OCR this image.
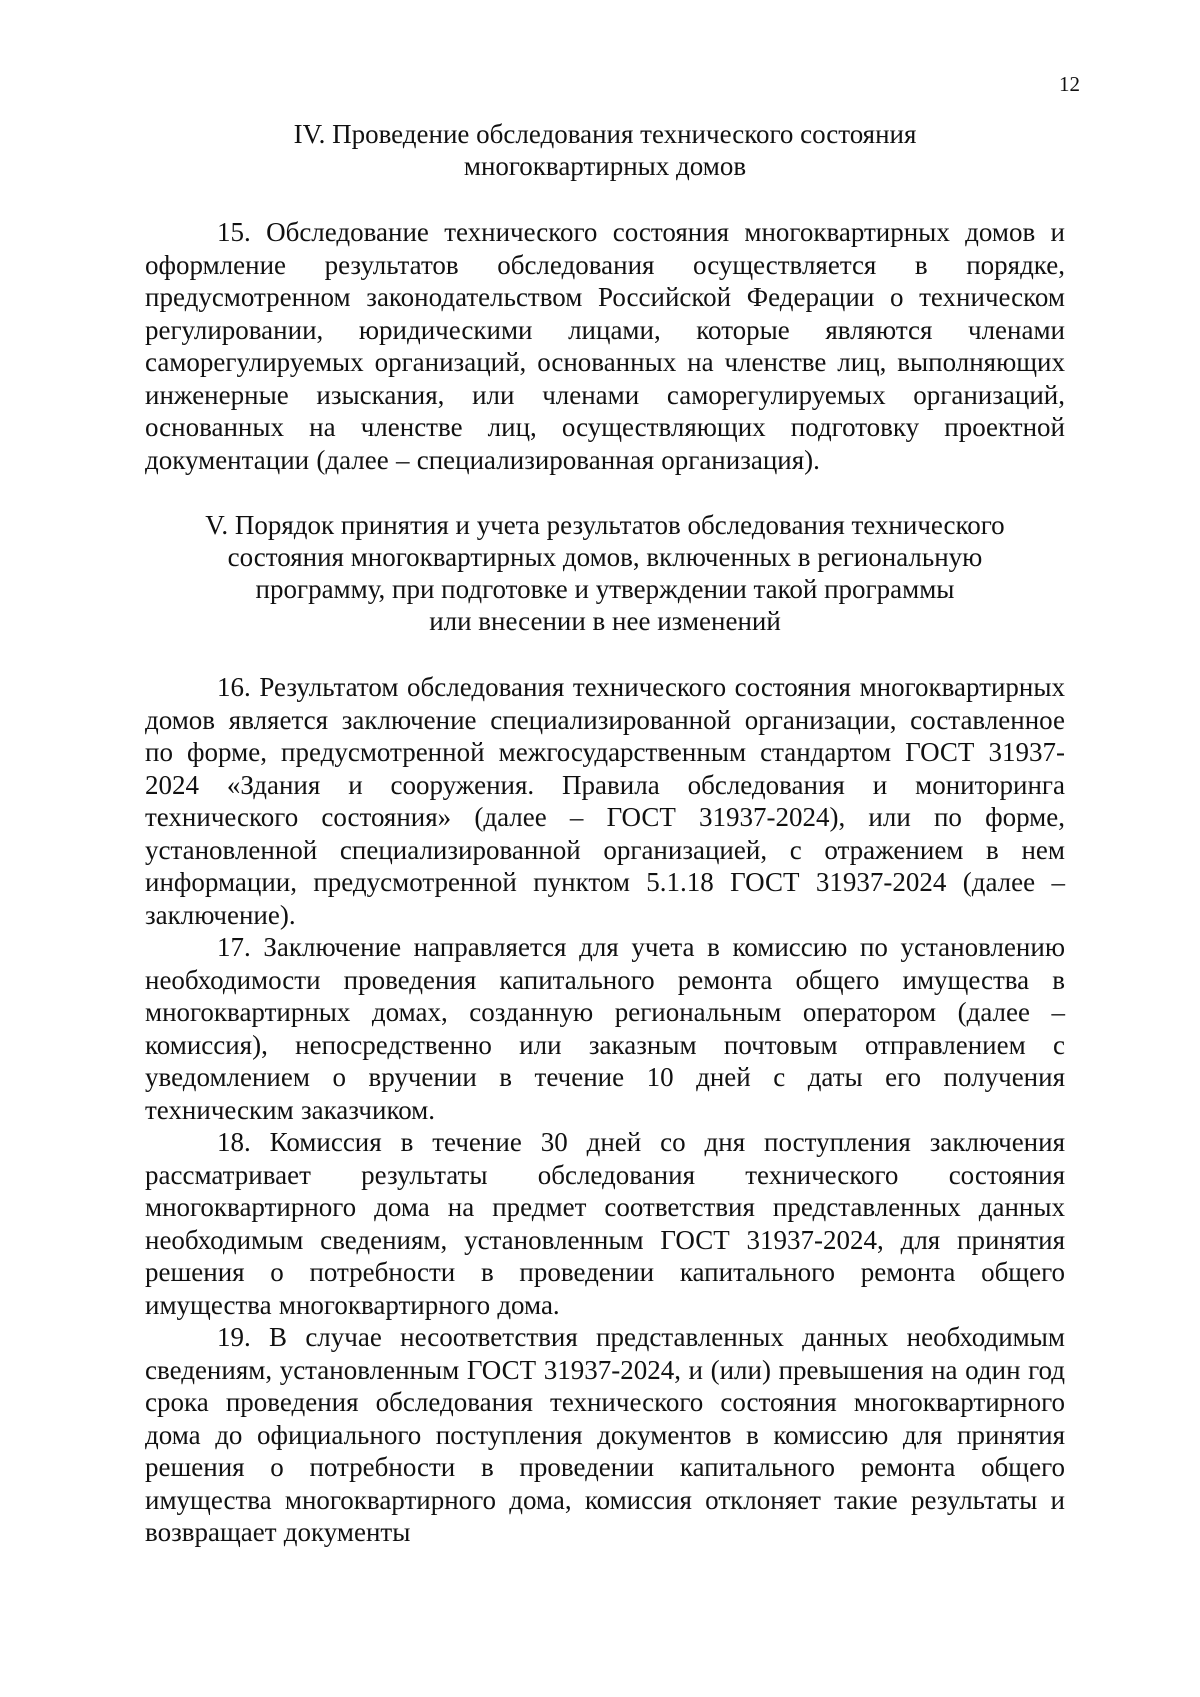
12
IV. Проведение обследования технического состояния
многоквартирных домов

15. Обследование технического состояния многоквартирных домов и оформление результатов обследования осуществляется в порядке, предусмотренном законодательством Российской Федерации о техническом регулировании, юридическими лицами, которые являются членами саморегулируемых организаций, основанных на членстве лиц, выполняющих инженерные изыскания, или членами саморегулируемых организаций, основанных на членстве лиц, осуществляющих подготовку проектной документации (далее – специализированная организация).

V. Порядок принятия и учета результатов обследования технического
состояния многоквартирных домов, включенных в региональную
программу, при подготовке и утверждении такой программы
или внесении в нее изменений

16. Результатом обследования технического состояния многоквартирных домов является заключение специализированной организации, составленное по форме, предусмотренной межгосударственным стандартом ГОСТ 31937-2024 «Здания и сооружения. Правила обследования и мониторинга технического состояния» (далее – ГОСТ 31937-2024), или по форме, установленной специализированной организацией, с отражением в нем информации, предусмотренной пунктом 5.1.18 ГОСТ 31937-2024 (далее – заключение).

17. Заключение направляется для учета в комиссию по установлению необходимости проведения капитального ремонта общего имущества в многоквартирных домах, созданную региональным оператором (далее – комиссия), непосредственно или заказным почтовым отправлением с уведомлением о вручении в течение 10 дней с даты его получения техническим заказчиком.

18. Комиссия в течение 30 дней со дня поступления заключения рассматривает результаты обследования технического состояния многоквартирного дома на предмет соответствия представленных данных необходимым сведениям, установленным ГОСТ 31937-2024, для принятия решения о потребности в проведении капитального ремонта общего имущества многоквартирного дома.

19. В случае несоответствия представленных данных необходимым сведениям, установленным ГОСТ 31937-2024, и (или) превышения на один год срока проведения обследования технического состояния многоквартирного дома до официального поступления документов в комиссию для принятия решения о потребности в проведении капитального ремонта общего имущества многоквартирного дома, комиссия отклоняет такие результаты и возвращает документы
